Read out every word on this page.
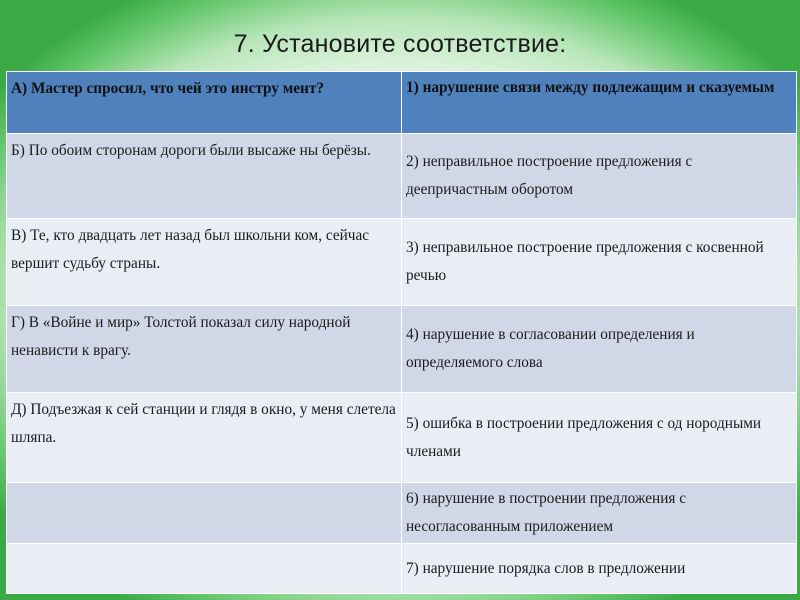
7. Установите соответствие:
А) Мастер спросил, что чей это инстру мент?	1) нарушение связи между подлежащим и сказуемым
Б) По обоим сторонам дороги были высаже ны берёзы.	2) неправильное построение предложения с деепричастным оборотом
В) Те, кто двадцать лет назад был школьни ком, сейчас вершит судьбу страны.	3) неправильное построение предложения с косвенной речью
Г) В «Войне и мир» Толстой показал силу народной ненависти к врагу.	4) нарушение в согласовании определения и определяемого слова
Д) Подъезжая к сей станции и глядя в окно, у меня слетела шляпа.	5) ошибка в построении предложения с од нородными членами
	6) нарушение в построении предложения с несогласованным приложением
	7) нарушение порядка слов в предложении
